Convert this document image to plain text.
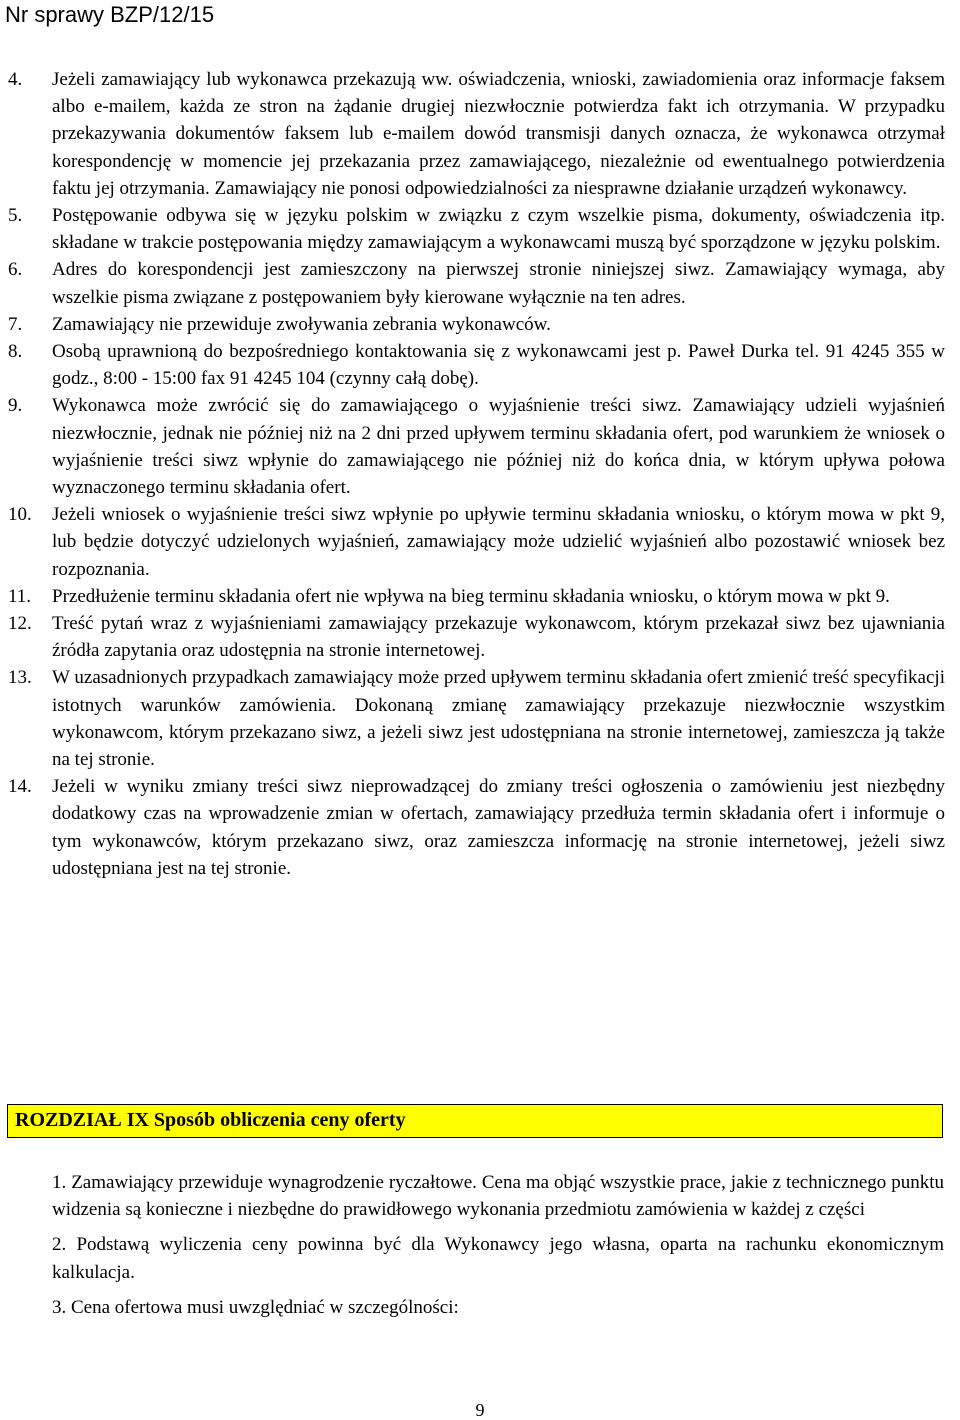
Nr sprawy BZP/12/15
4. Jeżeli zamawiający lub wykonawca przekazują ww. oświadczenia, wnioski, zawiadomienia oraz informacje faksem albo e-mailem, każda ze stron na żądanie drugiej niezwłocznie potwierdza fakt ich otrzymania. W przypadku przekazywania dokumentów faksem lub e-mailem dowód transmisji danych oznacza, że wykonawca otrzymał korespondencję w momencie jej przekazania przez zamawiającego, niezależnie od ewentualnego potwierdzenia faktu jej otrzymania. Zamawiający nie ponosi odpowiedzialności za niesprawne działanie urządzeń wykonawcy.
5. Postępowanie odbywa się w języku polskim w związku z czym wszelkie pisma, dokumenty, oświadczenia itp. składane w trakcie postępowania między zamawiającym a wykonawcami muszą być sporządzone w języku polskim.
6. Adres do korespondencji jest zamieszczony na pierwszej stronie niniejszej siwz. Zamawiający wymaga, aby wszelkie pisma związane z postępowaniem były kierowane wyłącznie na ten adres.
7. Zamawiający nie przewiduje zwoływania zebrania wykonawców.
8. Osobą uprawnioną do bezpośredniego kontaktowania się z wykonawcami jest p. Paweł Durka tel. 91 4245 355 w godz., 8:00 - 15:00 fax 91 4245 104 (czynny całą dobę).
9. Wykonawca może zwrócić się do zamawiającego o wyjaśnienie treści siwz. Zamawiający udzieli wyjaśnień niezwłocznie, jednak nie później niż na 2 dni przed upływem terminu składania ofert, pod warunkiem że wniosek o wyjaśnienie treści siwz wpłynie do zamawiającego nie później niż do końca dnia, w którym upływa połowa wyznaczonego terminu składania ofert.
10. Jeżeli wniosek o wyjaśnienie treści siwz wpłynie po upływie terminu składania wniosku, o którym mowa w pkt 9, lub będzie dotyczyć udzielonych wyjaśnień, zamawiający może udzielić wyjaśnień albo pozostawić wniosek bez rozpoznania.
11. Przedłużenie terminu składania ofert nie wpływa na bieg terminu składania wniosku, o którym mowa w pkt 9.
12. Treść pytań wraz z wyjaśnieniami zamawiający przekazuje wykonawcom, którym przekazał siwz bez ujawniania źródła zapytania oraz udostępnia na stronie internetowej.
13. W uzasadnionych przypadkach zamawiający może przed upływem terminu składania ofert zmienić treść specyfikacji istotnych warunków zamówienia. Dokonaną zmianę zamawiający przekazuje niezwłocznie wszystkim wykonawcom, którym przekazano siwz, a jeżeli siwz jest udostępniana na stronie internetowej, zamieszcza ją także na tej stronie.
14. Jeżeli w wyniku zmiany treści siwz nieprowadzącej do zmiany treści ogłoszenia o zamówieniu jest niezbędny dodatkowy czas na wprowadzenie zmian w ofertach, zamawiający przedłuża termin składania ofert i informuje o tym wykonawców, którym przekazano siwz, oraz zamieszcza informację na stronie internetowej, jeżeli siwz udostępniana jest na tej stronie.
ROZDZIAŁ IX Sposób obliczenia ceny oferty
1. Zamawiający przewiduje wynagrodzenie ryczałtowe. Cena ma objąć wszystkie prace, jakie z technicznego punktu widzenia są konieczne i niezbędne do prawidłowego wykonania przedmiotu zamówienia w każdej z części
2. Podstawą wyliczenia ceny powinna być dla Wykonawcy jego własna, oparta na rachunku ekonomicznym kalkulacja.
3. Cena ofertowa musi uwzględniać w szczególności:
9
